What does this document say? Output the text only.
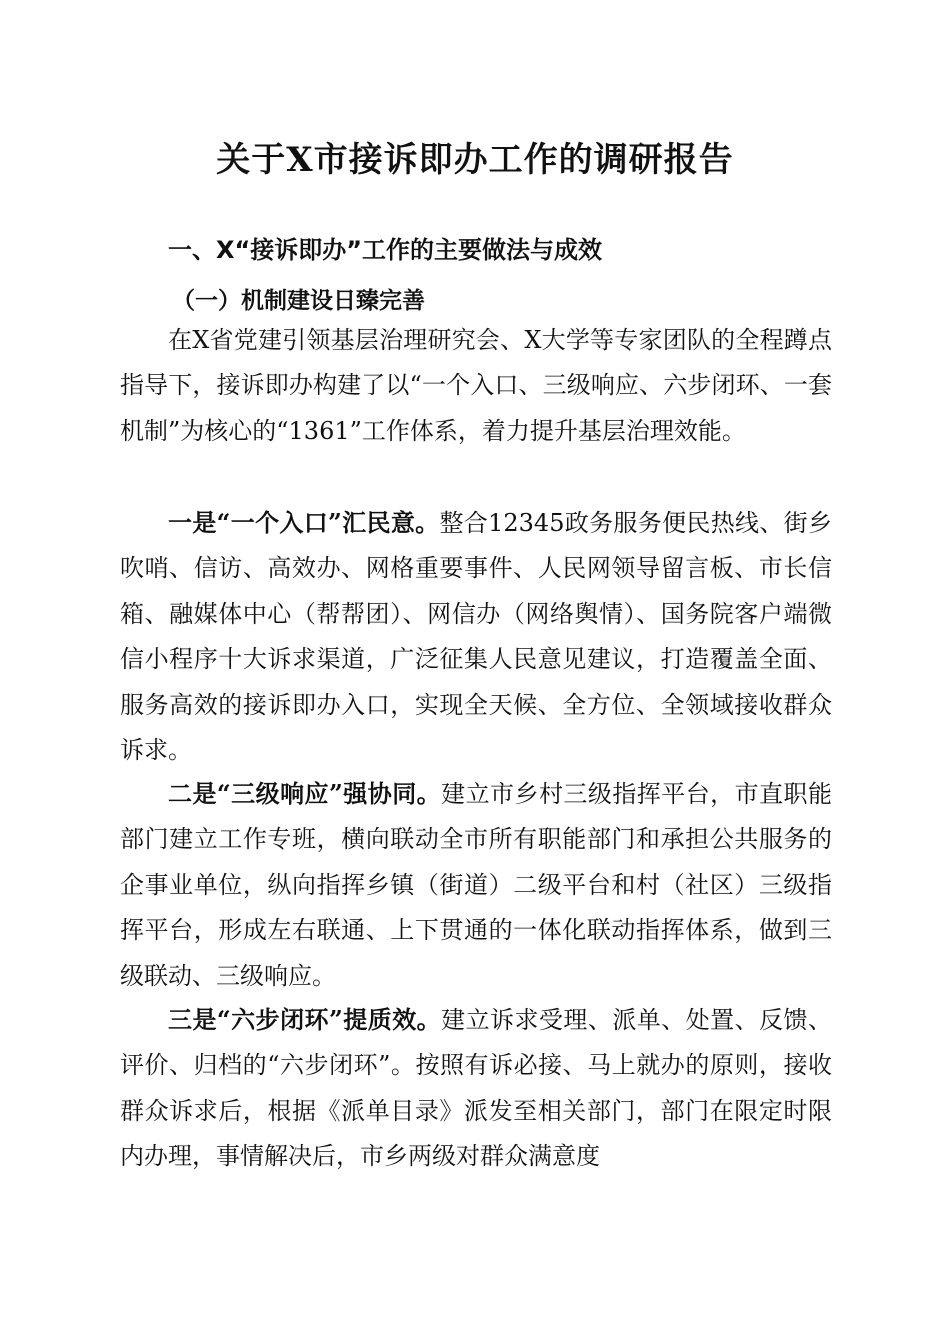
关于X市接诉即办工作的调研报告
一、X“接诉即办”工作的主要做法与成效
（一）机制建设日臻完善

在X省党建引领基层治理研究会、X大学等专家团队的全程蹲点指导下，接诉即办构建了以“一个入口、三级响应、六步闭环、一套机制”为核心的“1361”工作体系，着力提升基层治理效能。

一是“一个入口”汇民意。整合12345政务服务便民热线、街乡吹哨、信访、高效办、网格重要事件、人民网领导留言板、市长信箱、融媒体中心（帮帮团）、网信办（网络舆情）、国务院客户端微信小程序十大诉求渠道，广泛征集人民意见建议，打造覆盖全面、服务高效的接诉即办入口，实现全天候、全方位、全领域接收群众诉求。

二是“三级响应”强协同。建立市乡村三级指挥平台，市直职能部门建立工作专班，横向联动全市所有职能部门和承担公共服务的企事业单位，纵向指挥乡镇（街道）二级平台和村（社区）三级指挥平台，形成左右联通、上下贯通的一体化联动指挥体系，做到三级联动、三级响应。

三是“六步闭环”提质效。建立诉求受理、派单、处置、反馈、评价、归档的“六步闭环”。按照有诉必接、马上就办的原则，接收群众诉求后，根据《派单目录》派发至相关部门，部门在限定时限内办理，事情解决后，市乡两级对群众满意度
